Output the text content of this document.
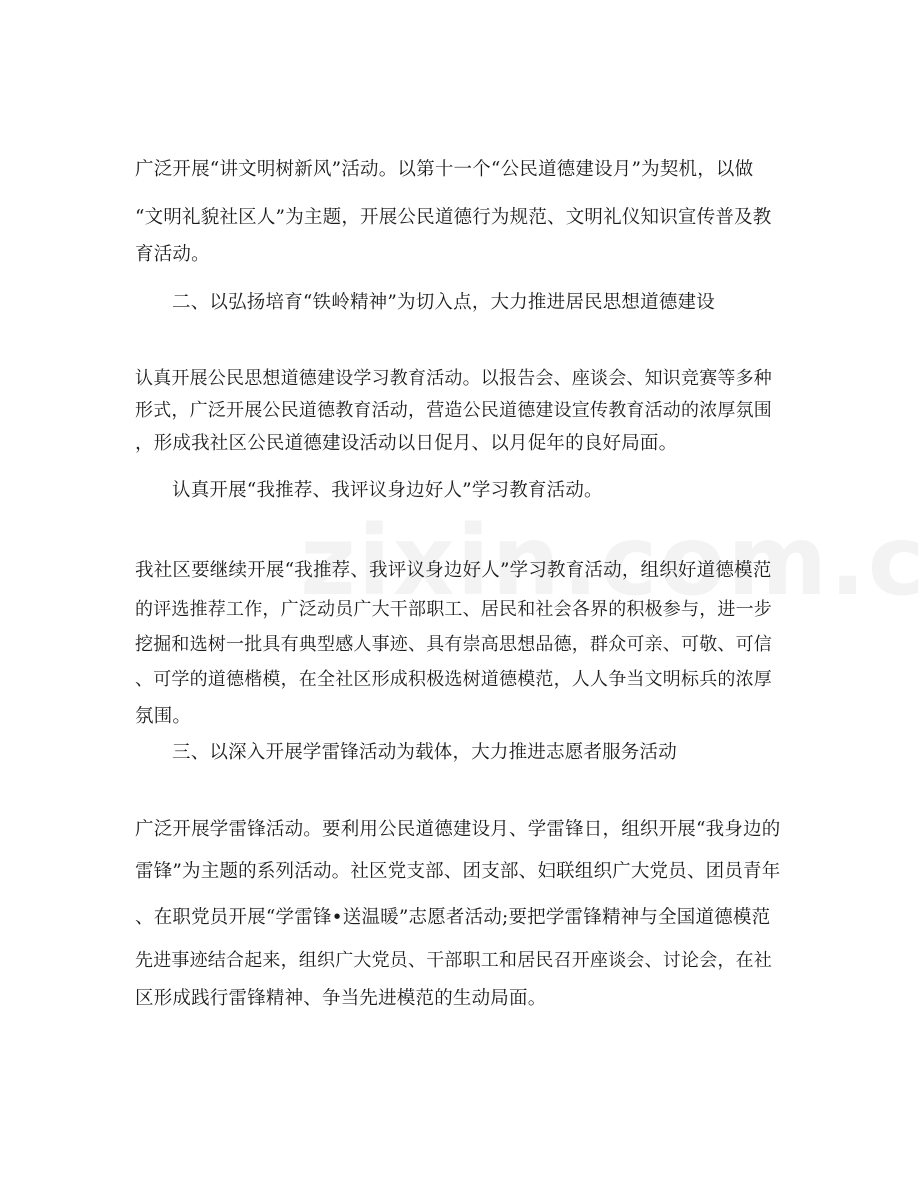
广泛开展“讲文明树新风”活动。以第十一个“公民道德建设月”为契机，以做
“文明礼貌社区人”为主题，开展公民道德行为规范、文明礼仪知识宣传普及教
育活动。
二、以弘扬培育“铁岭精神”为切入点，大力推进居民思想道德建设
认真开展公民思想道德建设学习教育活动。以报告会、座谈会、知识竞赛等多种
形式，广泛开展公民道德教育活动，营造公民道德建设宣传教育活动的浓厚氛围
，形成我社区公民道德建设活动以日促月、以月促年的良好局面。
认真开展“我推荐、我评议身边好人”学习教育活动。
我社区要继续开展“我推荐、我评议身边好人”学习教育活动，组织好道德模范
的评选推荐工作，广泛动员广大干部职工、居民和社会各界的积极参与，进一步
挖掘和选树一批具有典型感人事迹、具有崇高思想品德，群众可亲、可敬、可信
、可学的道德楷模，在全社区形成积极选树道德模范，人人争当文明标兵的浓厚
氛围。
三、以深入开展学雷锋活动为载体，大力推进志愿者服务活动
广泛开展学雷锋活动。要利用公民道德建设月、学雷锋日，组织开展“我身边的
雷锋”为主题的系列活动。社区党支部、团支部、妇联组织广大党员、团员青年
、在职党员开展“学雷锋•送温暖”志愿者活动;要把学雷锋精神与全国道德模范
先进事迹结合起来，组织广大党员、干部职工和居民召开座谈会、讨论会，在社
区形成践行雷锋精神、争当先进模范的生动局面。
